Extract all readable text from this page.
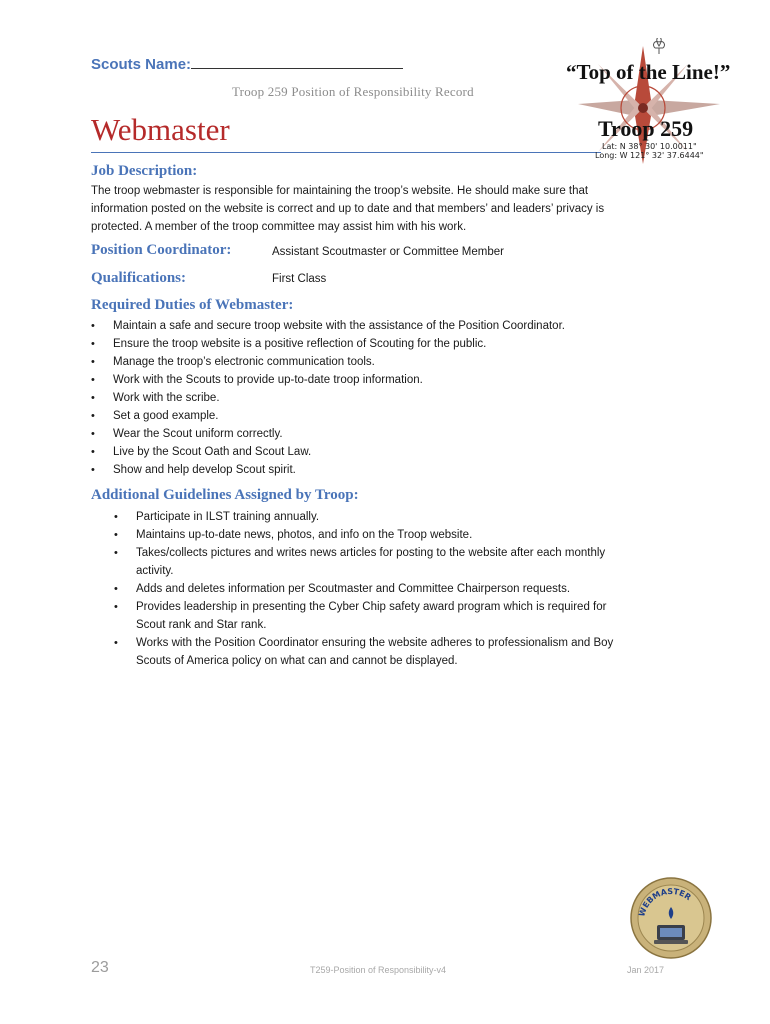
Scouts Name:
Troop 259 Position of Responsibility Record
Webmaster
“Top of the Line!”
Troop 259
Lat: N 38° 30' 10.0011"
Long: W 121° 32' 37.6444"
Job Description:
The troop webmaster is responsible for maintaining the troop’s website. He should make sure that
information posted on the website is correct and up to date and that members’ and leaders’ privacy is
protected. A member of the troop committee may assist him with his work.
Position Coordinator:	Assistant Scoutmaster or Committee Member
Qualifications:	First Class
Required Duties of Webmaster:
• Maintain a safe and secure troop website with the assistance of the Position Coordinator.
• Ensure the troop website is a positive reflection of Scouting for the public.
• Manage the troop’s electronic communication tools.
• Work with the Scouts to provide up-to-date troop information.
• Work with the scribe.
• Set a good example.
• Wear the Scout uniform correctly.
• Live by the Scout Oath and Scout Law.
• Show and help develop Scout spirit.
Additional Guidelines Assigned by Troop:
• Participate in ILST training annually.
• Maintains up-to-date news, photos, and info on the Troop website.
• Takes/collects pictures and writes news articles for posting to the website after each monthly
activity.
• Adds and deletes information per Scoutmaster and Committee Chairperson requests.
• Provides leadership in presenting the Cyber Chip safety award program which is required for
Scout rank and Star rank.
• Works with the Position Coordinator ensuring the website adheres to professionalism and Boy
Scouts of America policy on what can and cannot be displayed.
WEBMASTER
23	T259-Position of Responsibility-v4	Jan 2017
